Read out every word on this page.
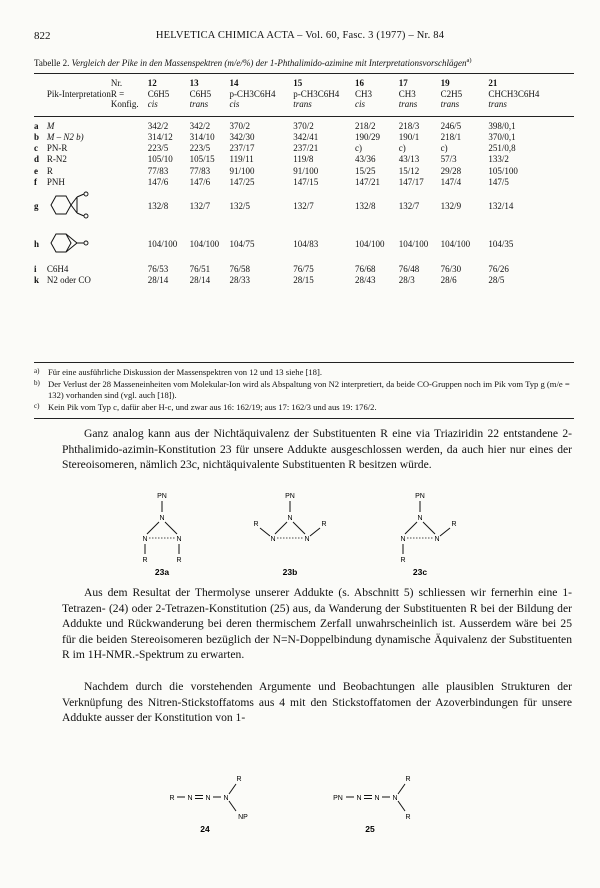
822	HELVETICA CHIMICA ACTA – Vol. 60, Fasc. 3 (1977) – Nr. 84
Tabelle 2. Vergleich der Pike in den Massenspektren (m/e/%) der 1-Phthalimido-azimine mit Interpretationsvorschlägen$^{a)}$
		Nr.	12	13	14	15	16	17	19	21
	Pik-Interpretation	R =	C6H5	C6H5	p-CH3C6H4	p-CH3C6H4	CH3	CH3	C2H5	CHCH3C6H4
		Konfig.	cis	trans	cis	trans	cis	trans	trans	trans

a	M		342/2	342/2	370/2	370/2	218/2	218/3	246/5	398/0,1
b	M – N2 b)		314/12	314/10	342/30	342/41	190/29	190/1	218/1	370/0,1
c	PN-R		223/5	223/5	237/17	237/21	c)	c)	c)	251/0,8
d	R-N2		105/10	105/15	119/11	119/8	43/36	43/13	57/3	133/2
e	R		77/83	77/83	91/100	91/100	15/25	15/12	29/28	105/100
f	PNH		147/6	147/6	147/25	147/15	147/21	147/17	147/4	147/5
g			132/8	132/7	132/5	132/7	132/8	132/7	132/9	132/14
h			104/100	104/100	104/75	104/83	104/100	104/100	104/100	104/35
i	C6H4		76/53	76/51	76/58	76/75	76/68	76/48	76/30	76/26
k	N2 oder CO		28/14	28/14	28/33	28/15	28/43	28/3	28/6	28/5
a) Für eine ausführliche Diskussion der Massenspektren von 12 und 13 siehe [18].
b) Der Verlust der 28 Masseneinheiten vom Molekular-Ion wird als Abspaltung von N2 interpretiert, da beide CO-Gruppen noch im Pik vom Typ g (m/e = 132) vorhanden sind (vgl. auch [18]).
c) Kein Pik vom Typ c, dafür aber H-c, und zwar aus 16: 162/19; aus 17: 162/3 und aus 19: 176/2.
Ganz analog kann aus der Nichtäquivalenz der Substituenten R eine via Triaziridin 22 entstandene 2-Phthalimido-azimin-Konstitution 23 für unsere Addukte ausgeschlossen werden, da auch hier nur eines der Stereoisomeren, nämlich 23c, nichtäquivalente Substituenten R besitzen würde.
PN
N
N	N
R	R
23a
PN
N
N	N
R	R
23b
PN
N
N	N
R
R
23c
Aus dem Resultat der Thermolyse unserer Addukte (s. Abschnitt 5) schliessen wir fernerhin eine 1-Tetrazen- (24) oder 2-Tetrazen-Konstitution (25) aus, da Wanderung der Substituenten R bei der Bildung der Addukte und Rückwanderung bei deren thermischem Zerfall unwahrscheinlich ist. Ausserdem wäre bei 25 für die beiden Stereoisomeren bezüglich der N=N-Doppelbindung dynamische Äquivalenz der Substituenten R im 1H-NMR.-Spektrum zu erwarten.
Nachdem durch die vorstehenden Argumente und Beobachtungen alle plausiblen Strukturen der Verknüpfung des Nitren-Stickstoffatoms aus 4 mit den Stickstoffatomen der Azoverbindungen für unsere Addukte ausser der Konstitution von 1-
R N N N
R
NP
24
PN N N N
R
R
25
